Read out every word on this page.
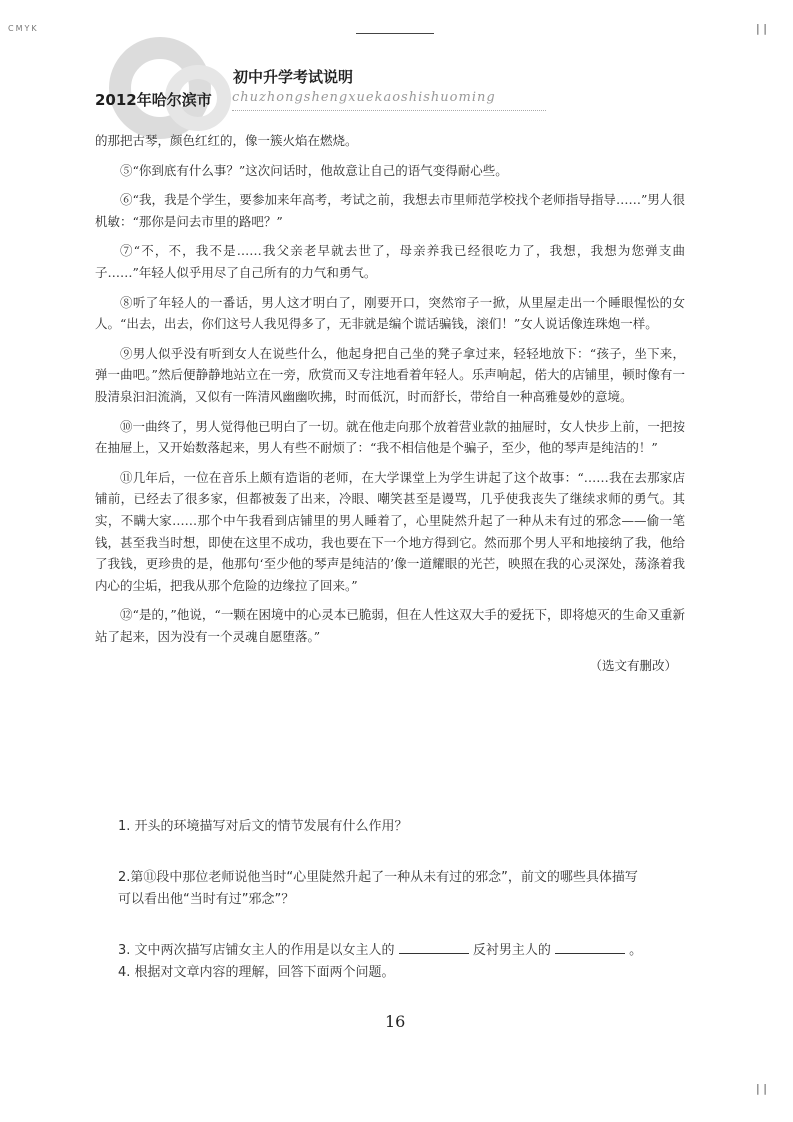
CMYK	| |
| |
2012年哈尔滨市
初中升学考试说明
chuzhongshengxuekaoshishuoming

的那把古琴，颜色红红的，像一簇火焰在燃烧。

⑤“你到底有什么事？”这次问话时，他故意让自己的语气变得耐心些。

⑥“我，我是个学生，要参加来年高考，考试之前，我想去市里师范学校找个老师指导指导……”男人很机敏：“那你是问去市里的路吧？”

⑦“不，不，我不是……我父亲老早就去世了，母亲养我已经很吃力了，我想，我想为您弹支曲子……”年轻人似乎用尽了自己所有的力气和勇气。

⑧听了年轻人的一番话，男人这才明白了，刚要开口，突然帘子一掀，从里屋走出一个睡眼惺忪的女人。“出去，出去，你们这号人我见得多了，无非就是编个谎话骗钱，滚们！”女人说话像连珠炮一样。

⑨男人似乎没有听到女人在说些什么，他起身把自己坐的凳子拿过来，轻轻地放下：“孩子，坐下来，弹一曲吧。”然后便静静地站立在一旁，欣赏而又专注地看着年轻人。乐声响起，偌大的店铺里，顿时像有一股清泉汩汩流淌，又似有一阵清风幽幽吹拂，时而低沉，时而舒长，带给自一种高雅曼妙的意境。

⑩一曲终了，男人觉得他已明白了一切。就在他走向那个放着营业款的抽屉时，女人快步上前，一把按在抽屉上，又开始数落起来，男人有些不耐烦了：“我不相信他是个骗子，至少，他的琴声是纯洁的！”

⑪几年后，一位在音乐上颇有造诣的老师，在大学课堂上为学生讲起了这个故事：“……我在去那家店铺前，已经去了很多家，但都被轰了出来，冷眼、嘲笑甚至是谩骂，几乎使我丧失了继续求师的勇气。其实，不瞒大家……那个中午我看到店铺里的男人睡着了，心里陡然升起了一种从未有过的邪念——偷一笔钱，甚至我当时想，即使在这里不成功，我也要在下一个地方得到它。然而那个男人平和地接纳了我，他给了我钱，更珍贵的是，他那句‘至少他的琴声是纯洁的’像一道耀眼的光芒，映照在我的心灵深处，荡涤着我内心的尘垢，把我从那个危险的边缘拉了回来。”

⑫“是的，”他说，“一颗在困境中的心灵本已脆弱，但在人性这双大手的爱抚下，即将熄灭的生命又重新站了起来，因为没有一个灵魂自愿堕落。”

（选文有删改）

1. 开头的环境描写对后文的情节发展有什么作用？

2.第⑪段中那位老师说他当时“心里陡然升起了一种从未有过的邪念”，前文的哪些具体描写

可以看出他“当时有过”邪念”？

3. 文中两次描写店铺女主人的作用是以女主人的	反衬男主人的	。

4. 根据对文章内容的理解，回答下面两个问题。

16
